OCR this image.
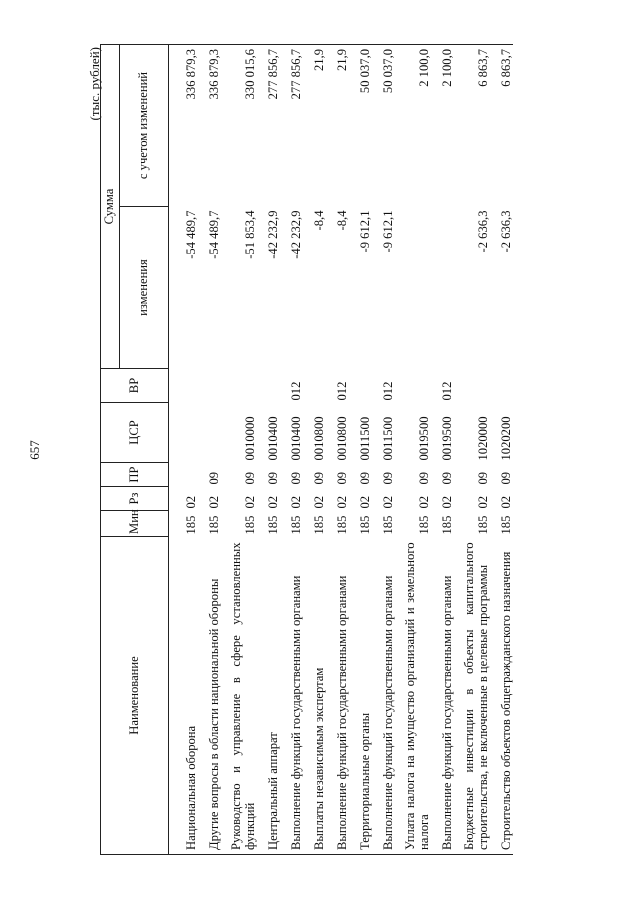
657
(тыс. рублей)
Наименование	Мин	Рз	ПР	ЦСР	ВР	Сумма	
						изменения	с учетом изменений
Национальная оборона	185	02				-54 489,7	336 879,3
Другие вопросы в области национальной обороны	185	02	09			-54 489,7	336 879,3
Руководство и управление в сфере установленных функций	185	02	09	0010000		-51 853,4	330 015,6
Центральный аппарат	185	02	09	0010400		-42 232,9	277 856,7
Выполнение функций государственными органами	185	02	09	0010400	012	-42 232,9	277 856,7
Выплаты независимым экспертам	185	02	09	0010800		-8,4	21,9
Выполнение функций государственными органами	185	02	09	0010800	012	-8,4	21,9
Территориальные органы	185	02	09	0011500		-9 612,1	50 037,0
Выполнение функций государственными органами	185	02	09	0011500	012	-9 612,1	50 037,0
Уплата налога на имущество организаций и земельного налога	185	02	09	0019500			2 100,0
Выполнение функций государственными органами	185	02	09	0019500	012		2 100,0
Бюджетные инвестиции в объекты капитального строительства, не включенные в целевые программы	185	02	09	1020000		-2 636,3	6 863,7
Строительство объектов общегражданского назначения	185	02	09	1020200		-2 636,3	6 863,7
